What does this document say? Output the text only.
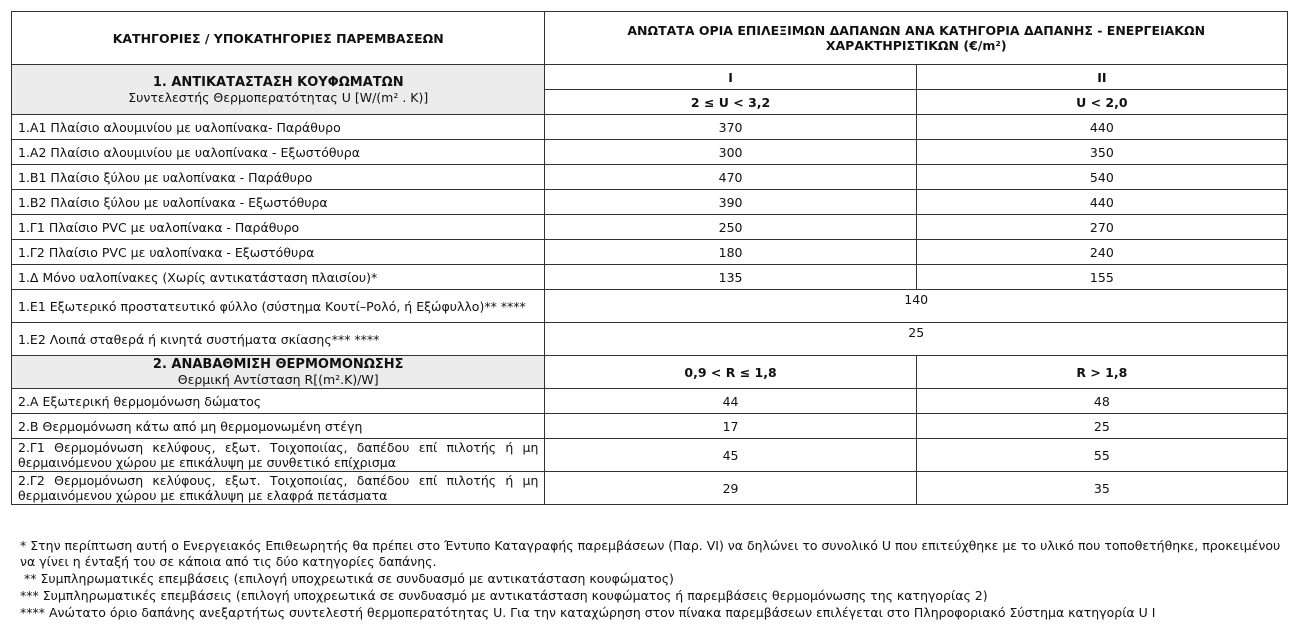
ΚΑΤΗΓΟΡΙΕΣ / ΥΠΟΚΑΤΗΓΟΡΙΕΣ ΠΑΡΕΜΒΑΣΕΩΝ	ΑΝΩΤΑΤΑ ΟΡΙΑ ΕΠΙΛΕΞΙΜΩΝ ΔΑΠΑΝΩΝ ΑΝΑ ΚΑΤΗΓΟΡΙΑ ΔΑΠΑΝΗΣ - ΕΝΕΡΓΕΙΑΚΩΝ
ΧΑΡΑΚΤΗΡΙΣΤΙΚΩΝ (€/m²)	

1. ΑΝΤΙΚΑΤΑΣΤΑΣΗ ΚΟΥΦΩΜΑΤΩΝ
Συντελεστής Θερμοπερατότητας U [W/(m² . K)]	I	II
	2 ≤ U < 3,2	U < 2,0
1.Α1 Πλαίσιο αλουμινίου με υαλοπίνακα- Παράθυρο	370	440
1.Α2 Πλαίσιο αλουμινίου με υαλοπίνακα - Εξωστόθυρα	300	350
1.Β1 Πλαίσιο ξύλου με υαλοπίνακα - Παράθυρο	470	540
1.Β2 Πλαίσιο ξύλου με υαλοπίνακα - Εξωστόθυρα	390	440
1.Γ1 Πλαίσιο PVC με υαλοπίνακα - Παράθυρο	250	270
1.Γ2 Πλαίσιο PVC με υαλοπίνακα - Εξωστόθυρα	180	240
1.Δ Μόνο υαλοπίνακες (Χωρίς αντικατάσταση πλαισίου)*	135	155
1.Ε1 Εξωτερικό προστατευτικό φύλλο (σύστημα Κουτί–Ρολό, ή Εξώφυλλο)** ****	140	
1.Ε2 Λοιπά σταθερά ή κινητά συστήματα σκίασης*** ****	25	

2. ΑΝΑΒΑΘΜΙΣΗ ΘΕΡΜΟΜΟΝΩΣΗΣ
Θερμική Αντίσταση R[(m².K)/W]	0,9 < R ≤ 1,8	R > 1,8
2.Α Εξωτερική θερμομόνωση δώματος	44	48
2.Β Θερμομόνωση κάτω από μη θερμομονωμένη στέγη	17	25
2.Γ1 Θερμομόνωση κελύφους, εξωτ. Τοιχοποιίας, δαπέδου επί πιλοτής ή μη θερμαινόμενου χώρου με επικάλυψη με συνθετικό επίχρισμα	45	55
2.Γ2 Θερμομόνωση κελύφους, εξωτ. Τοιχοποιίας, δαπέδου επί πιλοτής ή μη θερμαινόμενου χώρου με επικάλυψη με ελαφρά πετάσματα	29	35
* Στην περίπτωση αυτή ο Ενεργειακός Επιθεωρητής θα πρέπει στο Έντυπο Καταγραφής παρεμβάσεων (Παρ. VI) να δηλώνει το συνολικό U που επιτεύχθηκε με το υλικό που τοποθετήθηκε, προκειμένου να γίνει η ένταξή του σε κάποια από τις δύο κατηγορίες δαπάνης.
** Συμπληρωματικές επεμβάσεις (επιλογή υποχρεωτικά σε συνδυασμό με αντικατάσταση κουφώματος)
*** Συμπληρωματικές επεμβάσεις (επιλογή υποχρεωτικά σε συνδυασμό με αντικατάσταση κουφώματος ή παρεμβάσεις θερμομόνωσης της κατηγορίας 2)
**** Ανώτατο όριο δαπάνης ανεξαρτήτως συντελεστή θερμοπερατότητας U. Για την καταχώρηση στον πίνακα παρεμβάσεων επιλέγεται στο Πληροφοριακό Σύστημα κατηγορία U I
